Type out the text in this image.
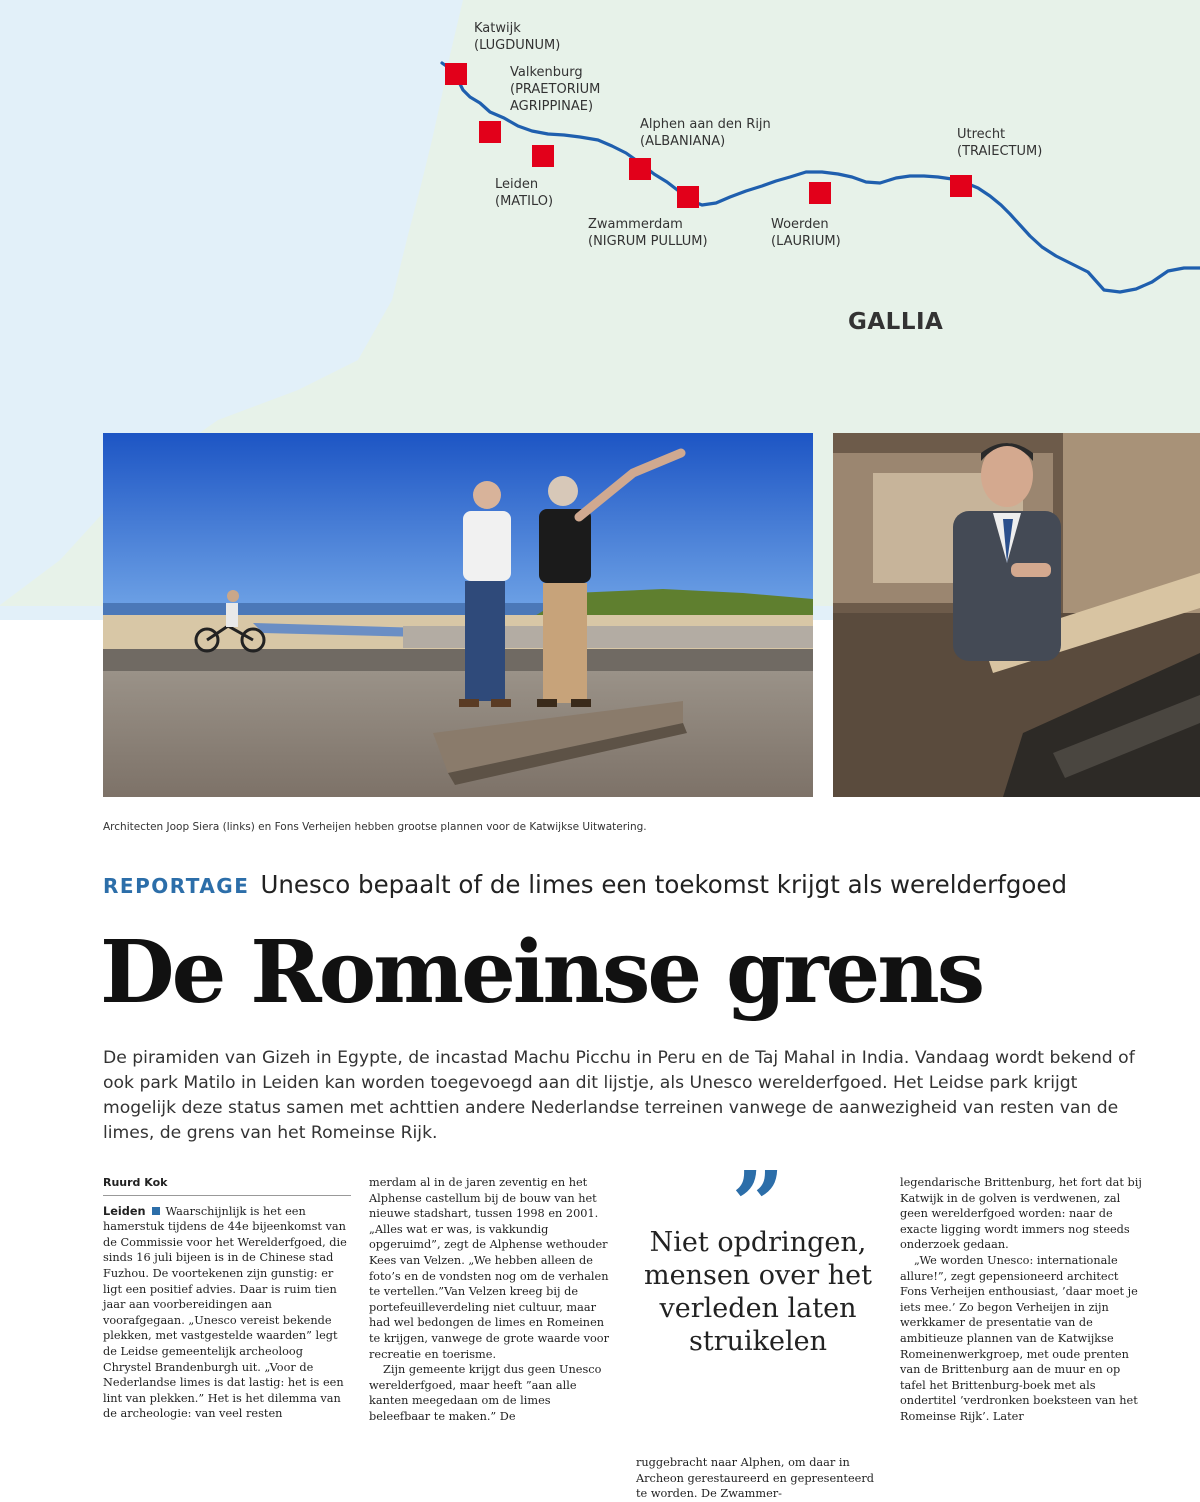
Katwijk
(LUGDUNUM)
Valkenburg
(PRAETORIUM
AGRIPPINAE)
Leiden
(MATILO)
Alphen aan den Rijn
(ALBANIANA)
Zwammerdam
(NIGRUM PULLUM)
Woerden
(LAURIUM)
Utrecht
(TRAIECTUM)
GALLIA
Architecten Joop Siera (links) en Fons Verheijen hebben grootse plannen voor de Katwijkse Uitwatering.
REPORTAGE Unesco bepaalt of de limes een toekomst krijgt als werelderfgoed
De Romeinse grens

De piramiden van Gizeh in Egypte, de incastad Machu Picchu in Peru en de Taj Mahal in India. Vandaag wordt bekend of ook park Matilo in Leiden kan worden toegevoegd aan dit lijstje, als Unesco werelderfgoed. Het Leidse park krijgt mogelijk deze status samen met achttien andere Nederlandse terreinen vanwege de aanwezigheid van resten van de limes, de grens van het Romeinse Rijk.

Ruurd Kok

Leiden Waarschijnlijk is het een hamerstuk tijdens de 44e bijeenkomst van de Commissie voor het Werelderfgoed, die sinds 16 juli bijeen is in de Chinese stad Fuzhou. De voortekenen zijn gunstig: er ligt een positief advies. Daar is ruim tien jaar aan voorbereidingen aan voorafgegaan. „Unesco vereist bekende plekken, met vastgestelde waarden” legt de Leidse gemeentelijk archeoloog Chrystel Brandenburgh uit. „Voor de Nederlandse limes is dat lastig: het is een lint van plekken.” Het is het dilemma van de archeologie: van veel resten

merdam al in de jaren zeventig en het Alphense castellum bij de bouw van het nieuwe stadshart, tussen 1998 en 2001. „Alles wat er was, is vakkundig opgeruimd”, zegt de Alphense wethouder Kees van Velzen. „We hebben alleen de foto’s en de vondsten nog om de verhalen te vertellen.”Van Velzen kreeg bij de portefeuilleverdeling niet cultuur, maar had wel bedongen de limes en Romeinen te krijgen, vanwege de grote waarde voor recreatie en toerisme.

Zijn gemeente krijgt dus geen Unesco werelderfgoed, maar heeft ”aan alle kanten meegedaan om de limes beleefbaar te maken.” De

”
Niet opdringen, mensen over het verleden laten struikelen

ruggebracht naar Alphen, om daar in Archeon gerestaureerd en gepresenteerd te worden. De Zwammer-

legendarische Brittenburg, het fort dat bij Katwijk in de golven is verdwenen, zal geen werelderfgoed worden: naar de exacte ligging wordt immers nog steeds onderzoek gedaan.

„We worden Unesco: internationale allure!”, zegt gepensioneerd architect Fons Verheijen enthousiast, ’daar moet je iets mee.’ Zo begon Verheijen in zijn werkkamer de presentatie van de ambitieuze plannen van de Katwijkse Romeinenwerkgroep, met oude prenten van de Brittenburg aan de muur en op tafel het Brittenburg-boek met als ondertitel ’verdronken boeksteen van het Romeinse Rijk’. Later
